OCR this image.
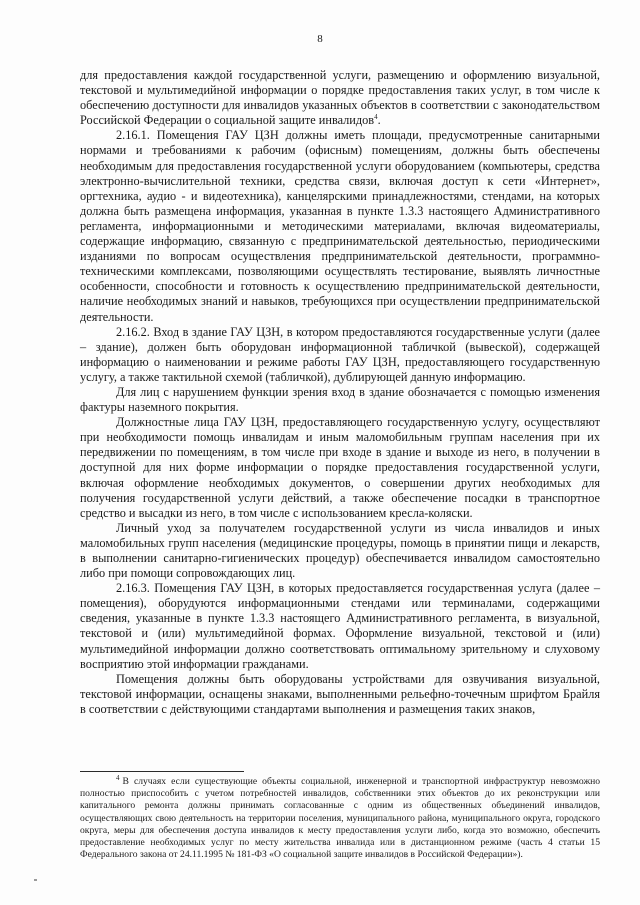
8

для предоставления каждой государственной услуги, размещению и оформлению визуальной, текстовой и мультимедийной информации о порядке предоставления таких услуг, в том числе к обеспечению доступности для инвалидов указанных объектов в соответствии с законодательством Российской Федерации о социальной защите инвалидов$^4$.

2.16.1. Помещения ГАУ ЦЗН должны иметь площади, предусмотренные санитарными нормами и требованиями к рабочим (офисным) помещениям, должны быть обеспечены необходимым для предоставления государственной услуги оборудованием (компьютеры, средства электронно-вычислительной техники, средства связи, включая доступ к сети «Интернет», оргтехника, аудио - и видеотехника), канцелярскими принадлежностями, стендами, на которых должна быть размещена информация, указанная в пункте 1.3.3 настоящего Административного регламента, информационными и методическими материалами, включая видеоматериалы, содержащие информацию, связанную с предпринимательской деятельностью, периодическими изданиями по вопросам осуществления предпринимательской деятельности, программно-техническими комплексами, позволяющими осуществлять тестирование, выявлять личностные особенности, способности и готовность к осуществлению предпринимательской деятельности, наличие необходимых знаний и навыков, требующихся при осуществлении предпринимательской деятельности.

2.16.2. Вход в здание ГАУ ЦЗН, в котором предоставляются государственные услуги (далее – здание), должен быть оборудован информационной табличкой (вывеской), содержащей информацию о наименовании и режиме работы ГАУ ЦЗН, предоставляющего государственную услугу, а также тактильной схемой (табличкой), дублирующей данную информацию.

Для лиц с нарушением функции зрения вход в здание обозначается с помощью изменения фактуры наземного покрытия.

Должностные лица ГАУ ЦЗН, предоставляющего государственную услугу, осуществляют при необходимости помощь инвалидам и иным маломобильным группам населения при их передвижении по помещениям, в том числе при входе в здание и выходе из него, в получении в доступной для них форме информации о порядке предоставления государственной услуги, включая оформление необходимых документов, о совершении других необходимых для получения государственной услуги действий, а также обеспечение посадки в транспортное средство и высадки из него, в том числе с использованием кресла-коляски.

Личный уход за получателем государственной услуги из числа инвалидов и иных маломобильных групп населения (медицинские процедуры, помощь в принятии пищи и лекарств, в выполнении санитарно-гигиенических процедур) обеспечивается инвалидом самостоятельно либо при помощи сопровождающих лиц.

2.16.3. Помещения ГАУ ЦЗН, в которых предоставляется государственная услуга (далее – помещения), оборудуются информационными стендами или терминалами, содержащими сведения, указанные в пункте 1.3.3 настоящего Административного регламента, в визуальной, текстовой и (или) мультимедийной формах. Оформление визуальной, текстовой и (или) мультимедийной информации должно соответствовать оптимальному зрительному и слуховому восприятию этой информации гражданами.

Помещения должны быть оборудованы устройствами для озвучивания визуальной, текстовой информации, оснащены знаками, выполненными рельефно-точечным шрифтом Брайля в соответствии с действующими стандартами выполнения и размещения таких знаков,

$^4$ В случаях если существующие объекты социальной, инженерной и транспортной инфраструктур невозможно полностью приспособить с учетом потребностей инвалидов, собственники этих объектов до их реконструкции или капитального ремонта должны принимать согласованные с одним из общественных объединений инвалидов, осуществляющих свою деятельность на территории поселения, муниципального района, муниципального округа, городского округа, меры для обеспечения доступа инвалидов к месту предоставления услуги либо, когда это возможно, обеспечить предоставление необходимых услуг по месту жительства инвалида или в дистанционном режиме (часть 4 статьи 15 Федерального закона от 24.11.1995 № 181-ФЗ «О социальной защите инвалидов в Российской Федерации»).
